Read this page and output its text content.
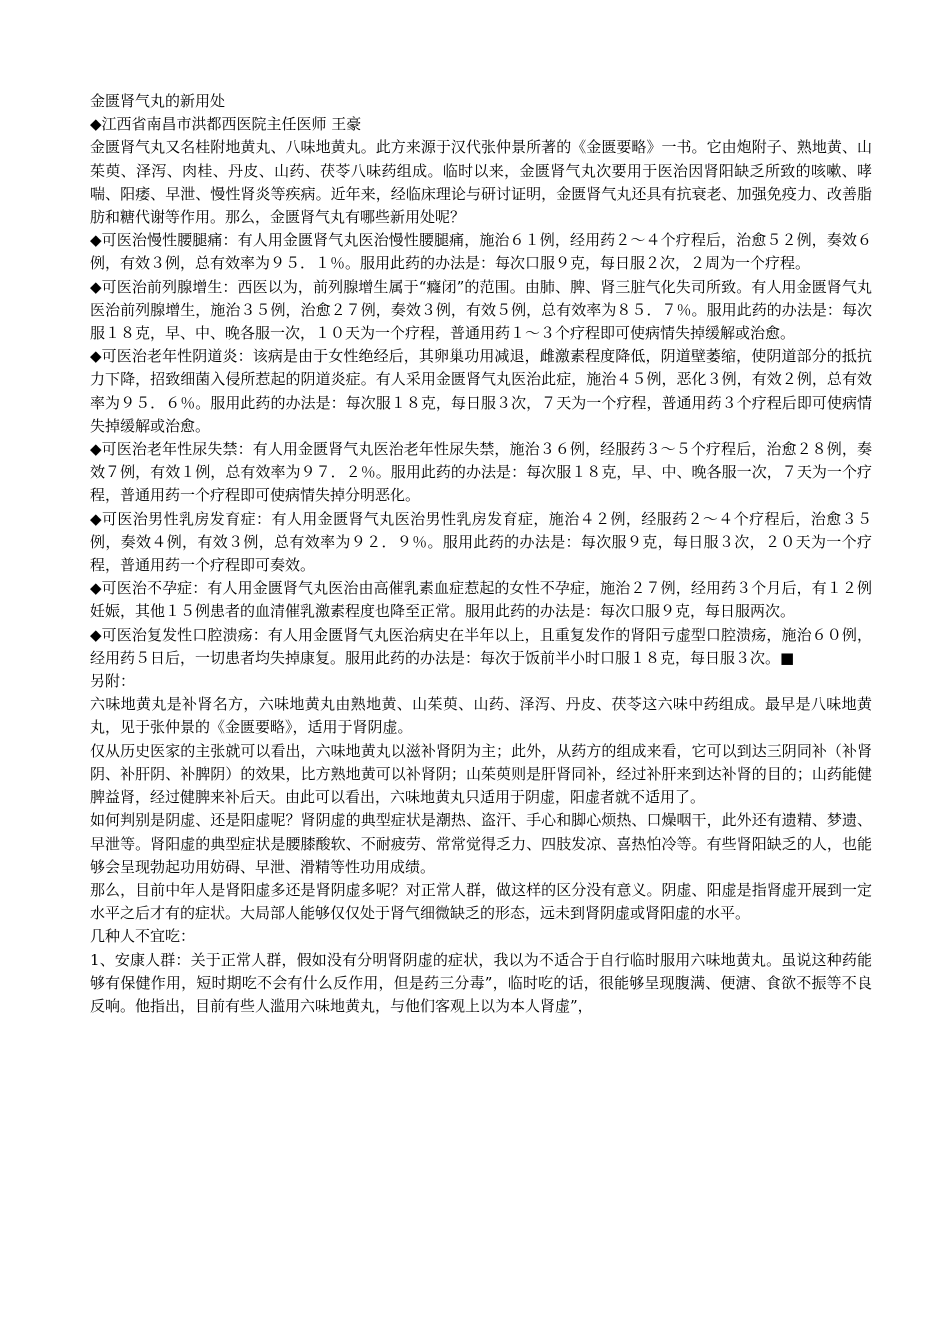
金匮肾气丸的新用处

◆江西省南昌市洪都西医院主任医师 王豪

金匮肾气丸又名桂附地黄丸、八味地黄丸。此方来源于汉代张仲景所著的《金匮要略》一书。它由炮附子、熟地黄、山茱萸、泽泻、肉桂、丹皮、山药、茯苓八味药组成。临时以来，金匮肾气丸次要用于医治因肾阳缺乏所致的咳嗽、哮喘、阳痿、早泄、慢性肾炎等疾病。近年来，经临床理论与研讨证明，金匮肾气丸还具有抗衰老、加强免疫力、改善脂肪和糖代谢等作用。那么，金匮肾气丸有哪些新用处呢？

◆可医治慢性腰腿痛：有人用金匮肾气丸医治慢性腰腿痛，施治６１例，经用药２～４个疗程后，治愈５２例，奏效６例，有效３例，总有效率为９５．１％。服用此药的办法是：每次口服９克，每日服２次，２周为一个疗程。

◆可医治前列腺增生：西医以为，前列腺增生属于“癃闭”的范围。由肺、脾、肾三脏气化失司所致。有人用金匮肾气丸医治前列腺增生，施治３５例，治愈２７例，奏效３例，有效５例，总有效率为８５．７％。服用此药的办法是：每次服１８克，早、中、晚各服一次，１０天为一个疗程，普通用药１～３个疗程即可使病情失掉缓解或治愈。

◆可医治老年性阴道炎：该病是由于女性绝经后，其卵巢功用减退，雌激素程度降低，阴道壁萎缩，使阴道部分的抵抗力下降，招致细菌入侵所惹起的阴道炎症。有人采用金匮肾气丸医治此症，施治４５例，恶化３例，有效２例，总有效率为９５．６％。服用此药的办法是：每次服１８克，每日服３次，７天为一个疗程，普通用药３个疗程后即可使病情失掉缓解或治愈。

◆可医治老年性尿失禁：有人用金匮肾气丸医治老年性尿失禁，施治３６例，经服药３～５个疗程后，治愈２８例，奏效７例，有效１例，总有效率为９７．２％。服用此药的办法是：每次服１８克，早、中、晚各服一次，７天为一个疗程，普通用药一个疗程即可使病情失掉分明恶化。

◆可医治男性乳房发育症：有人用金匮肾气丸医治男性乳房发育症，施治４２例，经服药２～４个疗程后，治愈３５例，奏效４例，有效３例，总有效率为９２．９％。服用此药的办法是：每次服９克，每日服３次，２０天为一个疗程，普通用药一个疗程即可奏效。

◆可医治不孕症：有人用金匮肾气丸医治由高催乳素血症惹起的女性不孕症，施治２７例，经用药３个月后，有１２例妊娠，其他１５例患者的血清催乳激素程度也降至正常。服用此药的办法是：每次口服９克，每日服两次。

◆可医治复发性口腔溃疡：有人用金匮肾气丸医治病史在半年以上，且重复发作的肾阳亏虚型口腔溃疡，施治６０例，经用药５日后，一切患者均失掉康复。服用此药的办法是：每次于饭前半小时口服１８克，每日服３次。■

另附：

六味地黄丸是补肾名方，六味地黄丸由熟地黄、山茱萸、山药、泽泻、丹皮、茯苓这六味中药组成。最早是八味地黄丸，见于张仲景的《金匮要略》，适用于肾阴虚。

仅从历史医家的主张就可以看出，六味地黄丸以滋补肾阴为主；此外，从药方的组成来看，它可以到达三阴同补（补肾阴、补肝阴、补脾阴）的效果，比方熟地黄可以补肾阴；山茱萸则是肝肾同补，经过补肝来到达补肾的目的；山药能健脾益肾，经过健脾来补后天。由此可以看出，六味地黄丸只适用于阴虚，阳虚者就不适用了。

如何判别是阴虚、还是阳虚呢？肾阴虚的典型症状是潮热、盗汗、手心和脚心烦热、口燥咽干，此外还有遗精、梦遗、早泄等。肾阳虚的典型症状是腰膝酸软、不耐疲劳、常常觉得乏力、四肢发凉、喜热怕冷等。有些肾阳缺乏的人，也能够会呈现勃起功用妨碍、早泄、滑精等性功用成绩。

那么，目前中年人是肾阳虚多还是肾阴虚多呢？对正常人群，做这样的区分没有意义。阴虚、阳虚是指肾虚开展到一定水平之后才有的症状。大局部人能够仅仅处于肾气细微缺乏的形态，远未到肾阴虚或肾阳虚的水平。

几种人不宜吃：

1、安康人群：关于正常人群，假如没有分明肾阴虚的症状，我以为不适合于自行临时服用六味地黄丸。虽说这种药能够有保健作用，短时期吃不会有什么反作用，但是药三分毒”，临时吃的话，很能够呈现腹满、便溏、食欲不振等不良反响。他指出，目前有些人滥用六味地黄丸，与他们客观上以为本人肾虚”，
